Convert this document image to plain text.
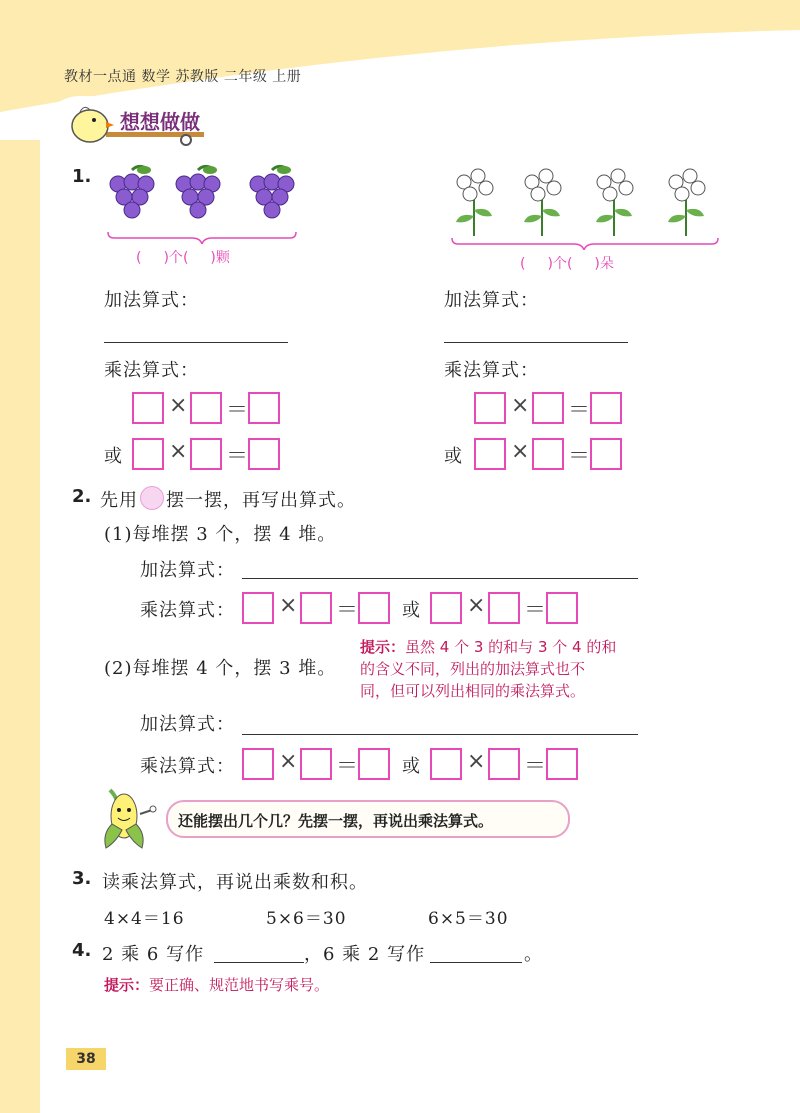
教材一点通 数学 苏教版 二年级 上册
想想做做
1.
( )个( )颗	( )个( )朵
加法算式：
乘法算式：
× ＝
或 × ＝
加法算式：
乘法算式：
× ＝
或 × ＝
2. 先用 摆一摆，再写出算式。
(1)每堆摆 3 个，摆 4 堆。
加法算式：
乘法算式： × ＝ 或 × ＝
(2)每堆摆 4 个，摆 3 堆。
提示：虽然 4 个 3 的和与 3 个 4 的和
的含义不同，列出的加法算式也不
同，但可以列出相同的乘法算式。
加法算式：
乘法算式： × ＝ 或 × ＝
还能摆出几个几？先摆一摆，再说出乘法算式。
3. 读乘法算式，再说出乘数和积。
4×4＝16	5×6＝30	6×5＝30
4. 2 乘 6 写作	，6 乘 2 写作	。
提示：要正确、规范地书写乘号。
38
